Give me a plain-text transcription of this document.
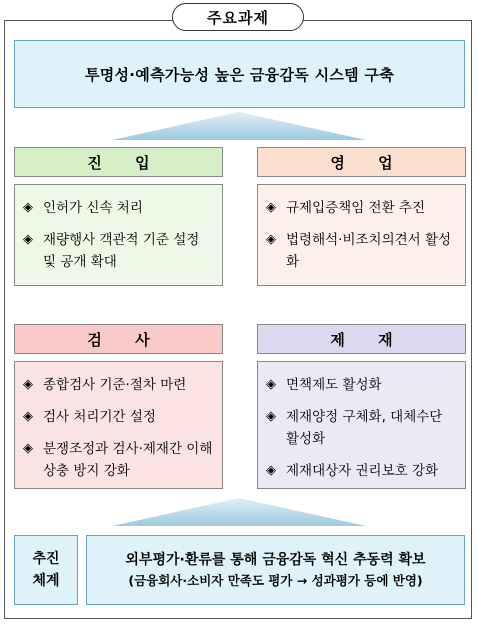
주요과제
투명성·예측가능성 높은 금융감독 시스템 구축
진 입
◈ 인허가 신속 처리
◈ 재량행사 객관적 기준 설정 및 공개 확대
영 업
◈ 규제입증책임 전환 추진
◈ 법령해석·비조치의견서 활성화
검 사
◈ 종합검사 기준·절차 마련
◈ 검사 처리기간 설정
◈ 분쟁조정과 검사·제재간 이해상충 방지 강화
제 재
◈ 면책제도 활성화
◈ 제재양정 구체화, 대체수단 활성화
◈ 제재대상자 권리보호 강화
추진
체계
외부평가·환류를 통해 금융감독 혁신 추동력 확보
(금융회사·소비자 만족도 평가 → 성과평가 등에 반영)
